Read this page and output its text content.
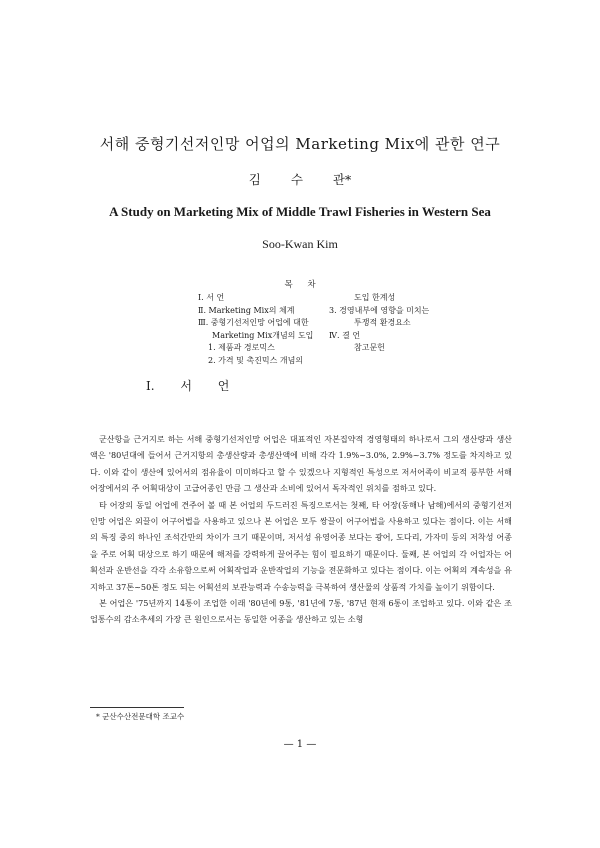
서해 중형기선저인망 어업의 Marketing Mix에 관한 연구
김 수 관*
A Study on Marketing Mix of Middle Trawl Fisheries in Western Sea
Soo-Kwan Kim
목 차
Ⅰ. 서 언
Ⅱ. Marketing Mix의 체계
Ⅲ. 중형기선저인망 어업에 대한
Marketing Mix개념의 도입
1. 제품과 경로믹스
2. 가격 및 촉진믹스 개념의
도입 한계성
3. 경영내부에 영향을 미치는
투쟁적 환경요소
Ⅳ. 결 언
참고문헌
Ⅰ. 서 언

군산항을 근거지로 하는 서해 중형기선저인망 어업은 대표적인 자본집약적 경영형태의 하나로서 그의 생산량과 생산액은 '80년대에 들어서 근거지항의 총생산량과 총생산액에 비해 각각 1.9%~3.0%, 2.9%~3.7% 정도를 차지하고 있다. 이와 같이 생산에 있어서의 점유율이 미미하다고 할 수 있겠으나 지형적인 특성으로 저서어족이 비교적 풍부한 서해어장에서의 주 어획대상이 고급어종인 만큼 그 생산과 소비에 있어서 독자적인 위치를 점하고 있다.

타 어장의 동일 어업에 견주어 볼 때 본 어업의 두드러진 특징으로서는 첫째, 타 어장(동해나 남해)에서의 중형기선저인망 어업은 외끌이 어구어법을 사용하고 있으나 본 어업은 모두 쌍끌이 어구어법을 사용하고 있다는 점이다. 이는 서해의 특징 중의 하나인 조석간만의 차이가 크기 때문이며, 저서성 유영어종 보다는 광어, 도다리, 가자미 등의 저착성 어종을 주로 어획 대상으로 하기 때문에 해저를 강력하게 끌어주는 힘이 필요하기 때문이다. 둘째, 본 어업의 각 어업자는 어획선과 운반선을 각각 소유함으로써 어획작업과 운반작업의 기능을 전문화하고 있다는 점이다. 이는 어획의 계속성을 유지하고 37톤~50톤 정도 되는 어획선의 보관능력과 수송능력을 극복하여 생산물의 상품적 가치를 높이기 위함이다.

본 어업은 '75년까지 14통이 조업한 이래 '80년에 9통, '81년에 7통, '87년 현재 6통이 조업하고 있다. 이와 같은 조업통수의 감소추세의 가장 큰 원인으로서는 동일한 어종을 생산하고 있는 소형

* 군산수산전문대학 조교수
— 1 —
